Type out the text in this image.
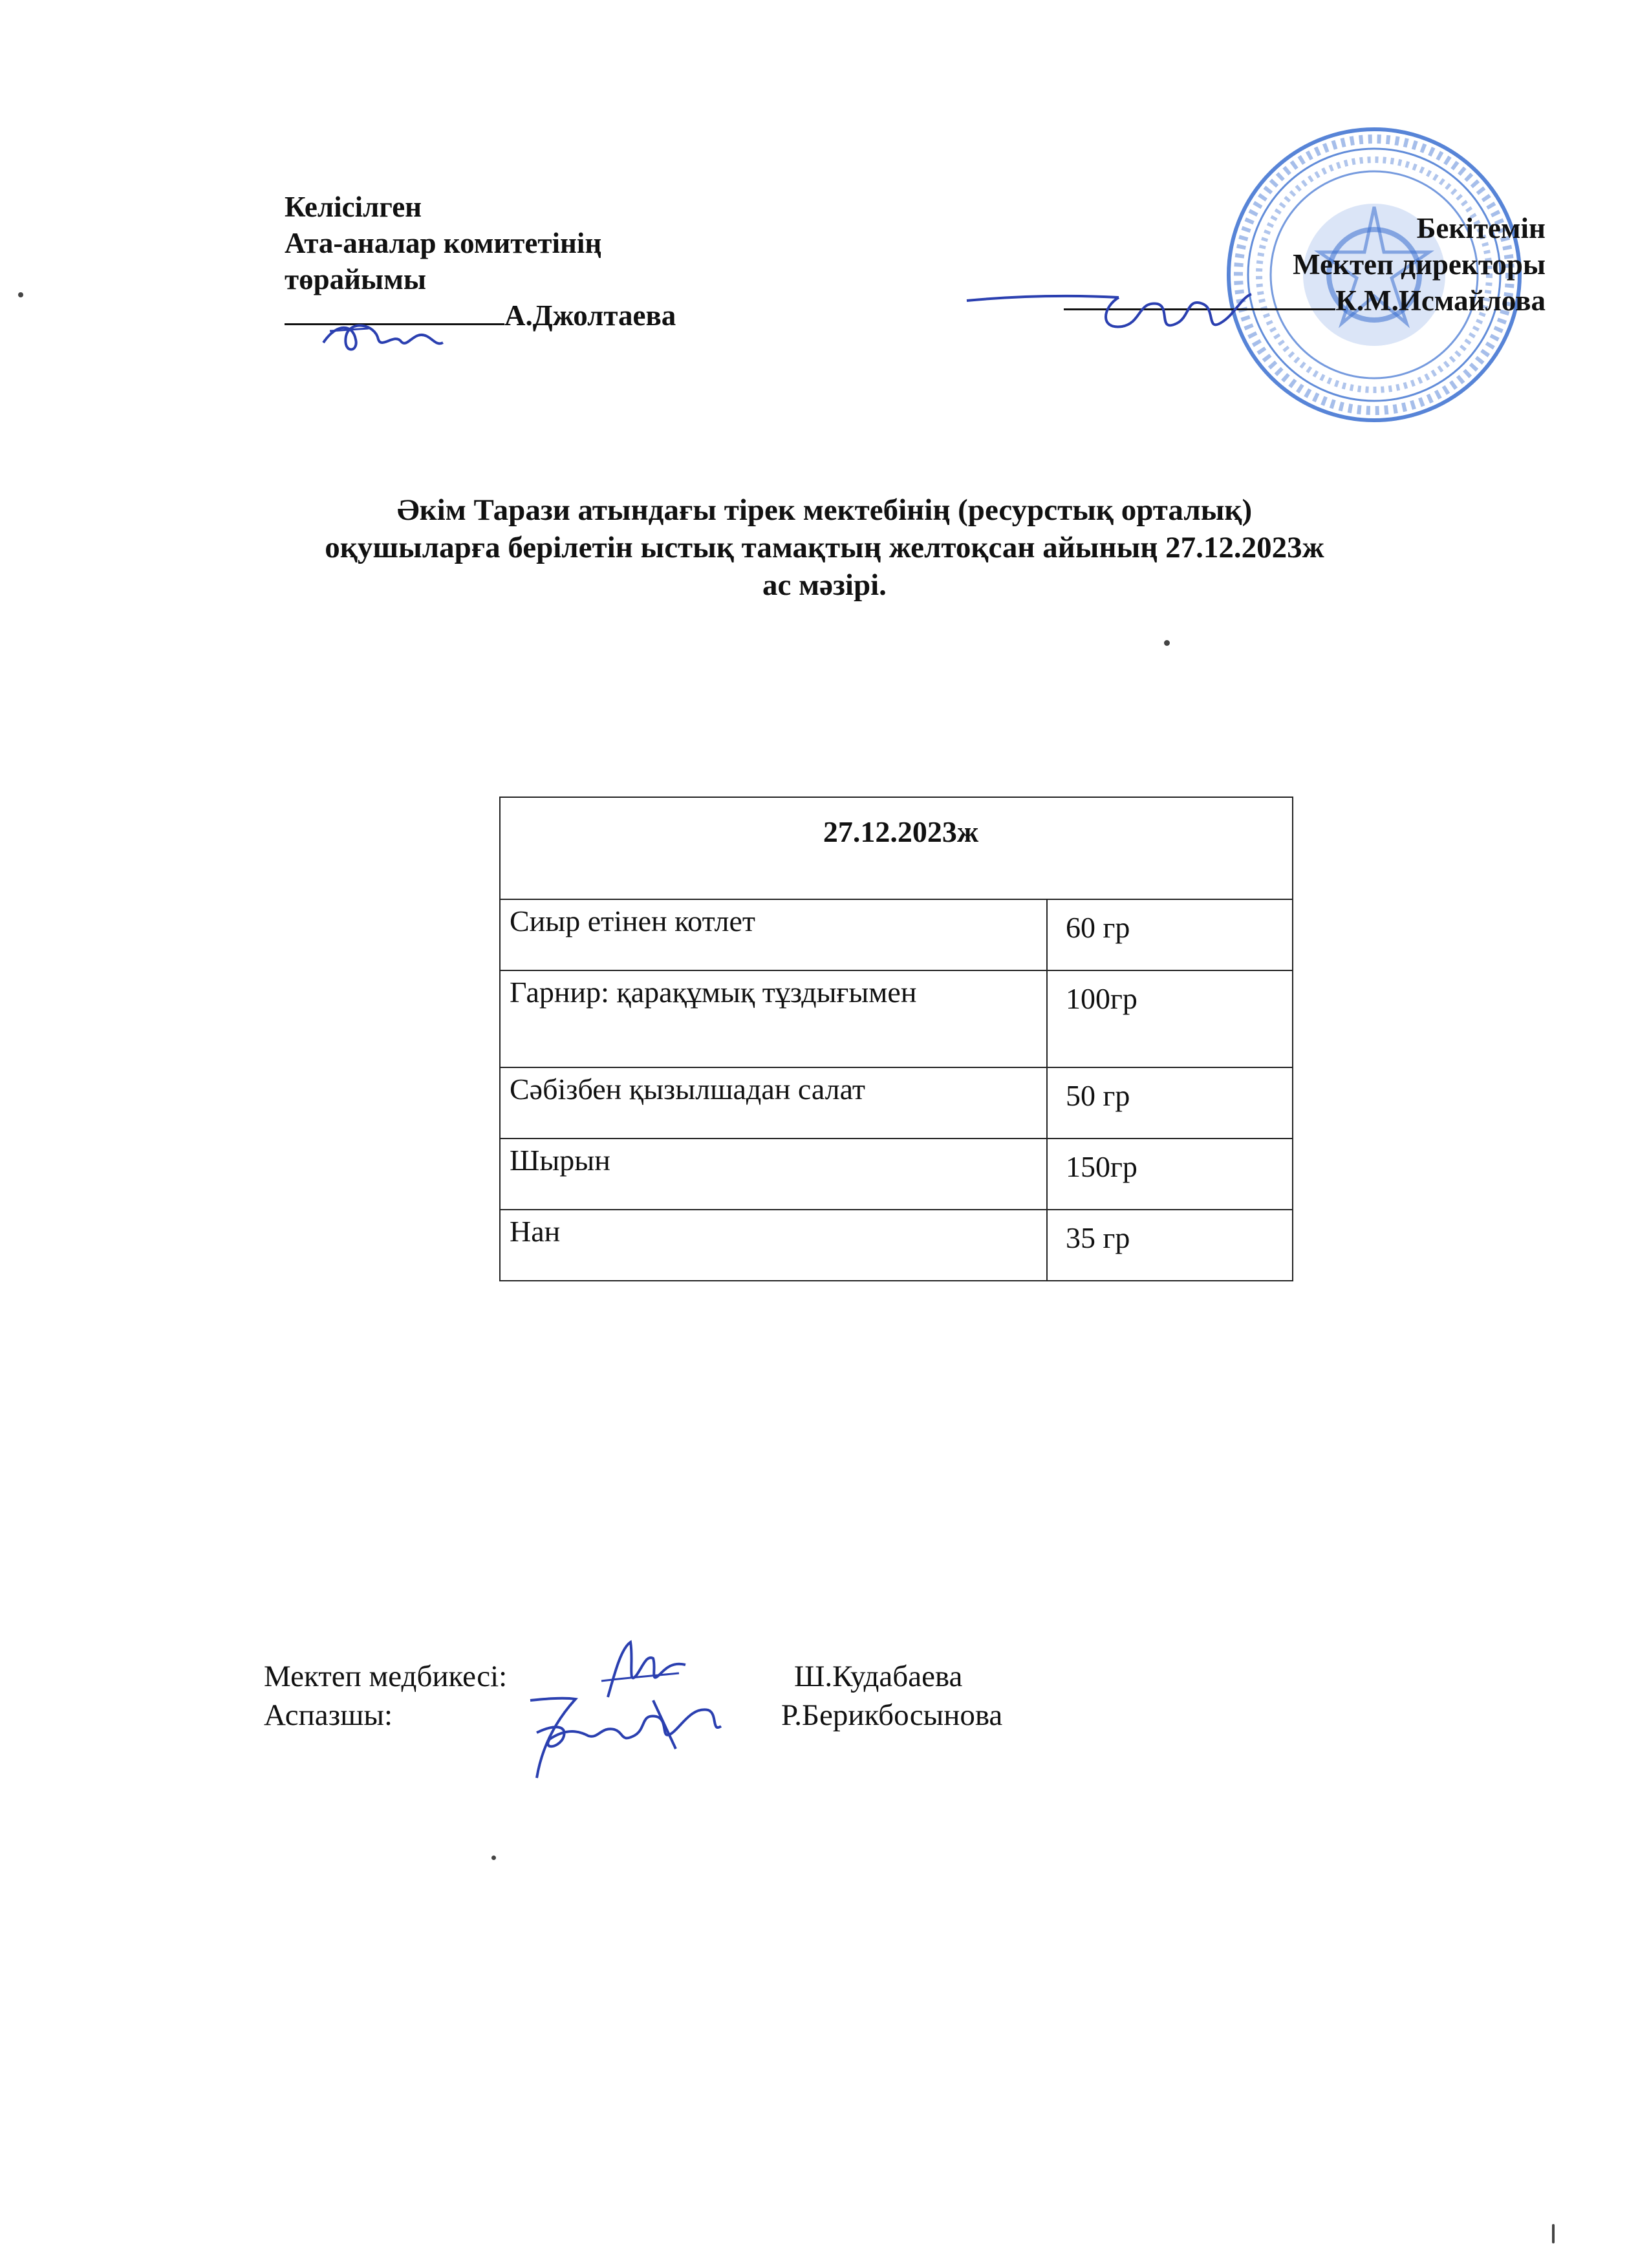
Келісілген
Ата-аналар комитетінің
төрайымы
А.Джолтаева
Бекітемін
Мектеп директоры
К.М.Исмайлова
Әкім Тарази атындағы тірек мектебінің (ресурстық орталық)
оқушыларға берілетін ыстық тамақтың желтоқсан айының 27.12.2023ж
ас мәзірі.
27.12.2023ж	
Сиыр етінен котлет	60 гр
Гарнир: қарақұмық тұздығымен	100гр
Сәбізбен қызылшадан салат	50 гр
Шырын	150гр
Нан	35 гр
Мектеп медбикесі:	Ш.Кудабаева
Аспазшы:	Р.Берикбосынова
